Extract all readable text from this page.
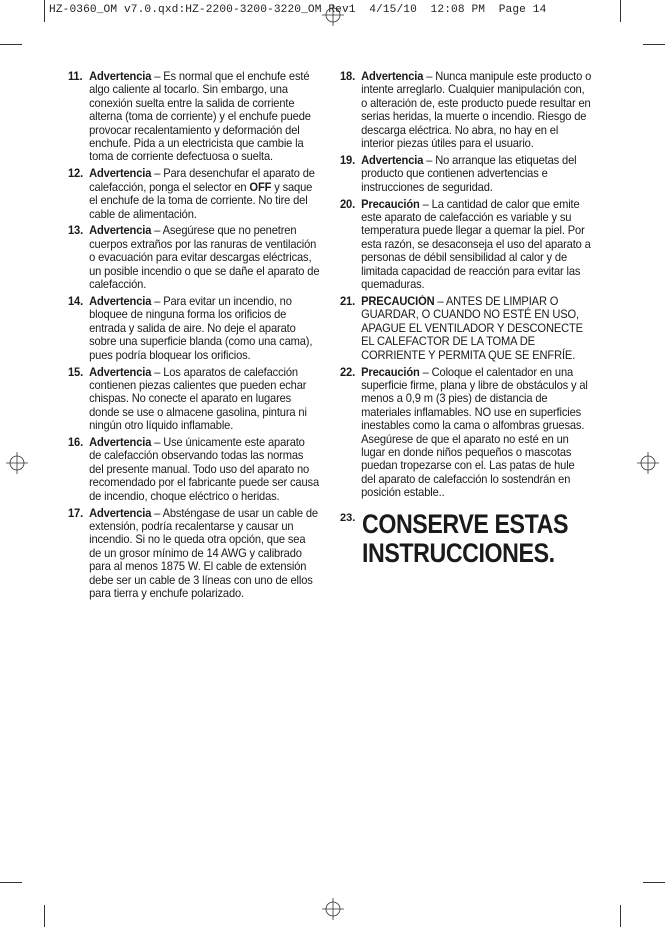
HZ-0360_OM v7.0.qxd:HZ-2200-3200-3220_OM Rev1  4/15/10  12:08 PM  Page 14
11. Advertencia – Es normal que el enchufe esté algo caliente al tocarlo. Sin embargo, una conexión suelta entre la salida de corriente alterna (toma de corriente) y el enchufe puede provocar recalentamiento y deformación del enchufe. Pida a un electricista que cambie la toma de corriente defectuosa o suelta.
12. Advertencia – Para desenchufar el aparato de calefacción, ponga el selector en OFF y saque el enchufe de la toma de corriente. No tire del cable de alimentación.
13. Advertencia – Asegúrese que no penetren cuerpos extraños por las ranuras de ventilación o evacuación para evitar descargas eléctricas, un posible incendio o que se dañe el aparato de calefacción.
14. Advertencia – Para evitar un incendio, no bloquee de ninguna forma los orificios de entrada y salida de aire. No deje el aparato sobre una superficie blanda (como una cama), pues podría bloquear los orificios.
15. Advertencia – Los aparatos de calefacción contienen piezas calientes que pueden echar chispas. No conecte el aparato en lugares donde se use o almacene gasolina, pintura ni ningún otro líquido inflamable.
16. Advertencia – Use únicamente este aparato de calefacción observando todas las normas del presente manual. Todo uso del aparato no recomendado por el fabricante puede ser causa de incendio, choque eléctrico o heridas.
17. Advertencia – Absténgase de usar un cable de extensión, podría recalentarse y causar un incendio. Si no le queda otra opción, que sea de un grosor mínimo de 14 AWG y calibrado para al menos 1875 W. El cable de extensión debe ser un cable de 3 líneas con uno de ellos para tierra y enchufe polarizado.
18. Advertencia – Nunca manipule este producto o intente arreglarlo. Cualquier manipulación con, o alteración de, este producto puede resultar en serias heridas, la muerte o incendio. Riesgo de descarga eléctrica. No abra, no hay en el interior piezas útiles para el usuario.
19. Advertencia – No arranque las etiquetas del producto que contienen advertencias e instrucciones de seguridad.
20. Precaución – La cantidad de calor que emite este aparato de calefacción es variable y su temperatura puede llegar a quemar la piel. Por esta razón, se desaconseja el uso del aparato a personas de débil sensibilidad al calor y de limitada capacidad de reacción para evitar las quemaduras.
21. PRECAUCIÓN – ANTES DE LIMPIAR O GUARDAR, O CUANDO NO ESTÉ EN USO, APAGUE EL VENTILADOR Y DESCONECTE EL CALEFACTOR DE LA TOMA DE CORRIENTE Y PERMITA QUE SE ENFRÍE.
22. Precaución – Coloque el calentador en una superficie firme, plana y libre de obstáculos y al menos a 0,9 m (3 pies) de distancia de materiales inflamables. NO use en superficies inestables como la cama o alfombras gruesas. Asegúrese de que el aparato no esté en un lugar en donde niños pequeños o mascotas puedan tropezarse con el. Las patas de hule del aparato de calefacción lo sostendrán en posición estable..
23. CONSERVE ESTAS
INSTRUCCIONES.
